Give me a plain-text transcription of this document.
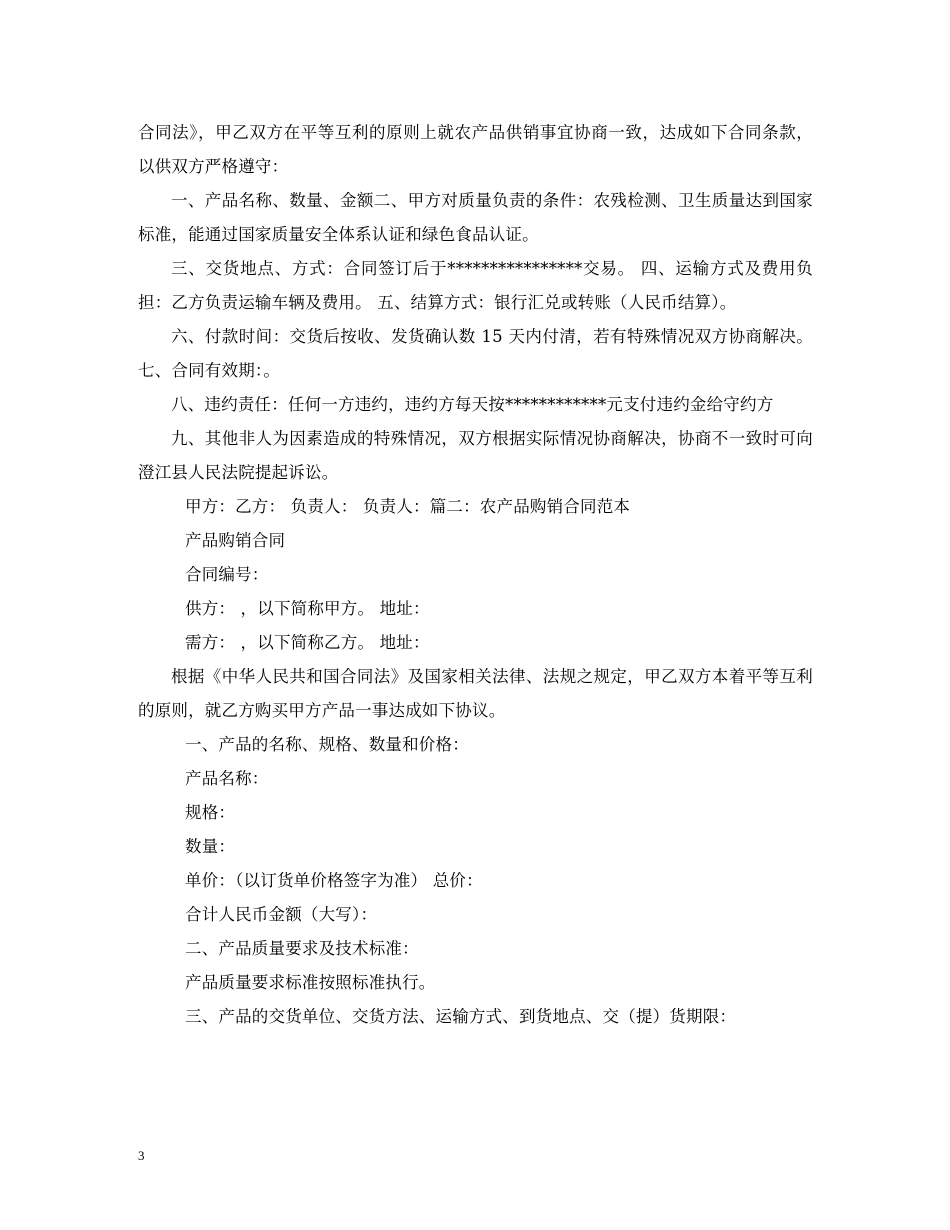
合同法》，甲乙双方在平等互利的原则上就农产品供销事宜协商一致，达成如下合同条款，以供双方严格遵守：

一、产品名称、数量、金额二、甲方对质量负责的条件：农残检测、卫生质量达到国家标准，能通过国家质量安全体系认证和绿色食品认证。

三、交货地点、方式：合同签订后于****************交易。 四、运输方式及费用负担：乙方负责运输车辆及费用。 五、结算方式：银行汇兑或转账（人民币结算）。

六、付款时间：交货后按收、发货确认数 15 天内付清，若有特殊情况双方协商解决。 七、合同有效期：。

八、违约责任：任何一方违约，违约方每天按************元支付违约金给守约方

九、其他非人为因素造成的特殊情况，双方根据实际情况协商解决，协商不一致时可向澄江县人民法院提起诉讼。

甲方：乙方： 负责人： 负责人：篇二：农产品购销合同范本

产品购销合同

合同编号：

供方： ，以下简称甲方。 地址：

需方： ，以下简称乙方。 地址：

根据《中华人民共和国合同法》及国家相关法律、法规之规定，甲乙双方本着平等互利的原则，就乙方购买甲方产品一事达成如下协议。

一、产品的名称、规格、数量和价格：

产品名称：

规格：

数量：

单价：（以订货单价格签字为准） 总价：

合计人民币金额（大写）：

二、产品质量要求及技术标准：

产品质量要求标准按照标准执行。

三、产品的交货单位、交货方法、运输方式、到货地点、交（提）货期限：

3
